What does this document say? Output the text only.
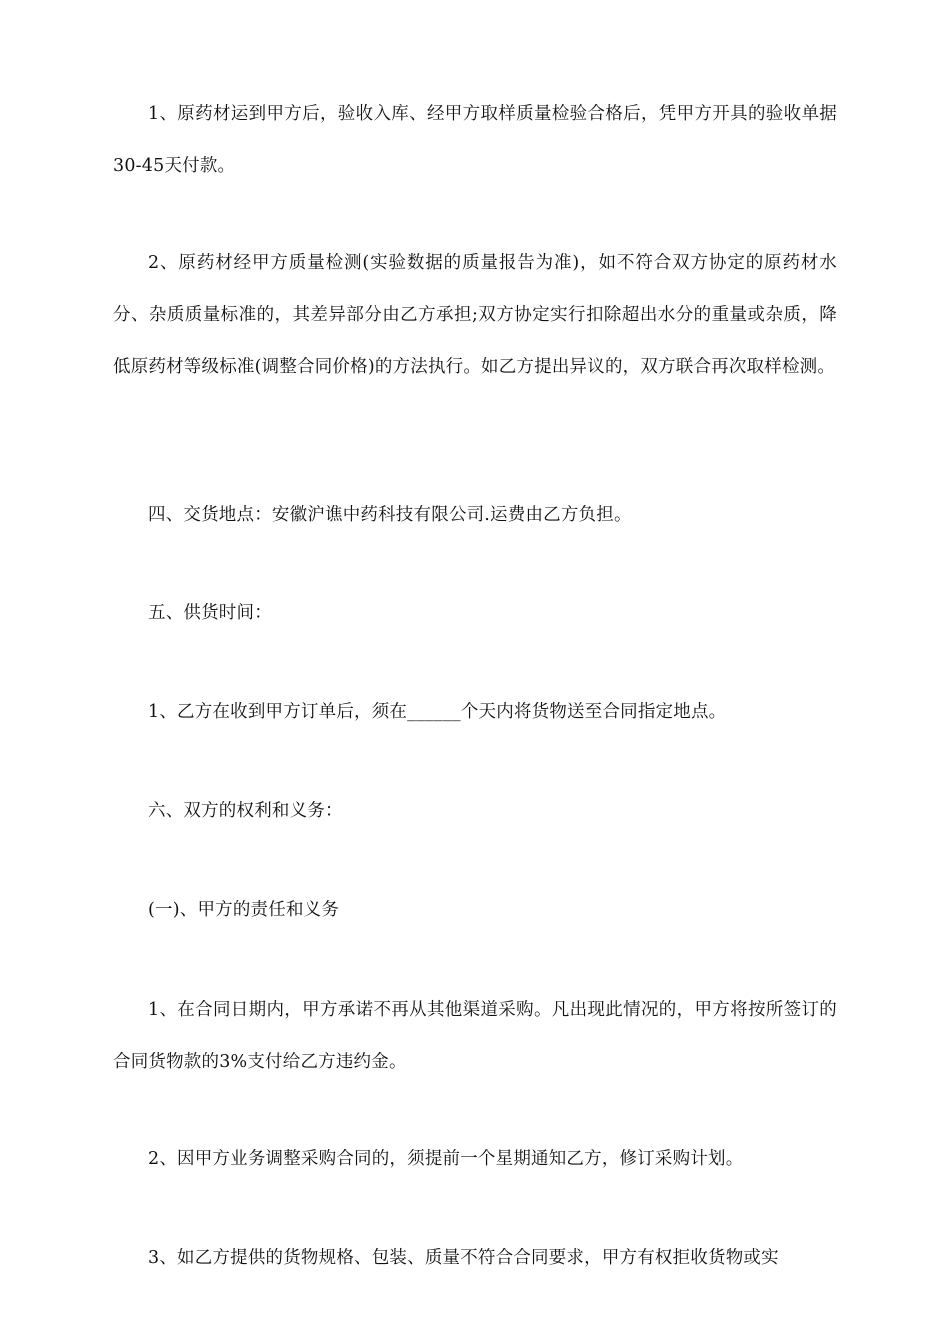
1、原药材运到甲方后，验收入库、经甲方取样质量检验合格后，凭甲方开具的验收单据30-45天付款。

2、原药材经甲方质量检测(实验数据的质量报告为准)，如不符合双方协定的原药材水分、杂质质量标准的，其差异部分由乙方承担;双方协定实行扣除超出水分的重量或杂质，降低原药材等级标准(调整合同价格)的方法执行。如乙方提出异议的，双方联合再次取样检测。

四、交货地点：安徽沪谯中药科技有限公司.运费由乙方负担。

五、供货时间：

1、乙方在收到甲方订单后，须在______个天内将货物送至合同指定地点。

六、双方的权利和义务：

(一)、甲方的责任和义务

1、在合同日期内，甲方承诺不再从其他渠道采购。凡出现此情况的，甲方将按所签订的合同货物款的3%支付给乙方违约金。

2、因甲方业务调整采购合同的，须提前一个星期通知乙方，修订采购计划。

3、如乙方提供的货物规格、包装、质量不符合合同要求，甲方有权拒收货物或实
